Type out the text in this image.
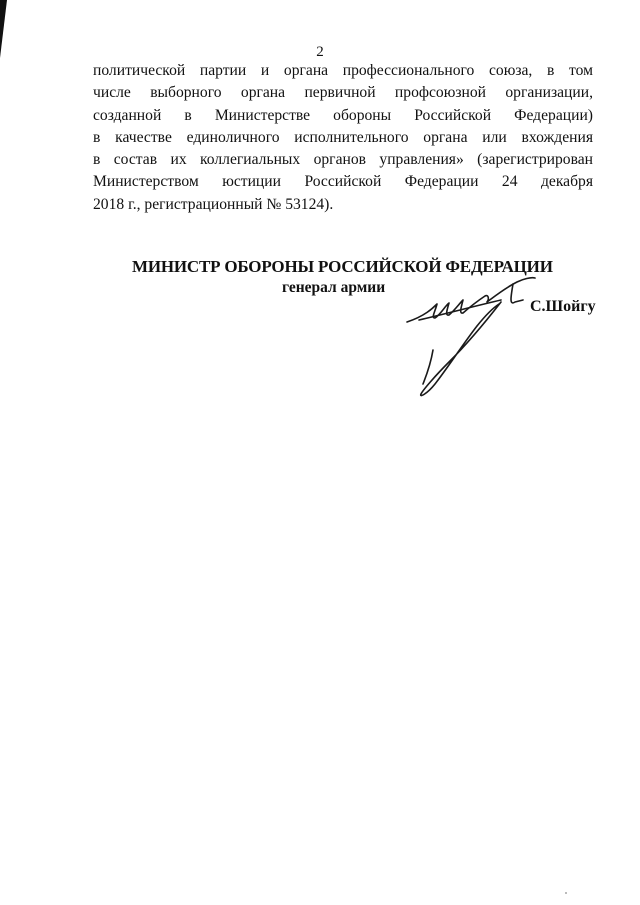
2
политической партии и органа профессионального союза, в том
числе выборного органа первичной профсоюзной организации,
созданной в Министерстве обороны Российской Федерации)
в качестве единоличного исполнительного органа или вхождения
в состав их коллегиальных органов управления» (зарегистрирован
Министерством юстиции Российской Федерации 24 декабря
2018 г., регистрационный № 53124).
МИНИСТР ОБОРОНЫ РОССИЙСКОЙ ФЕДЕРАЦИИ
генерал армии
С.Шойгу
